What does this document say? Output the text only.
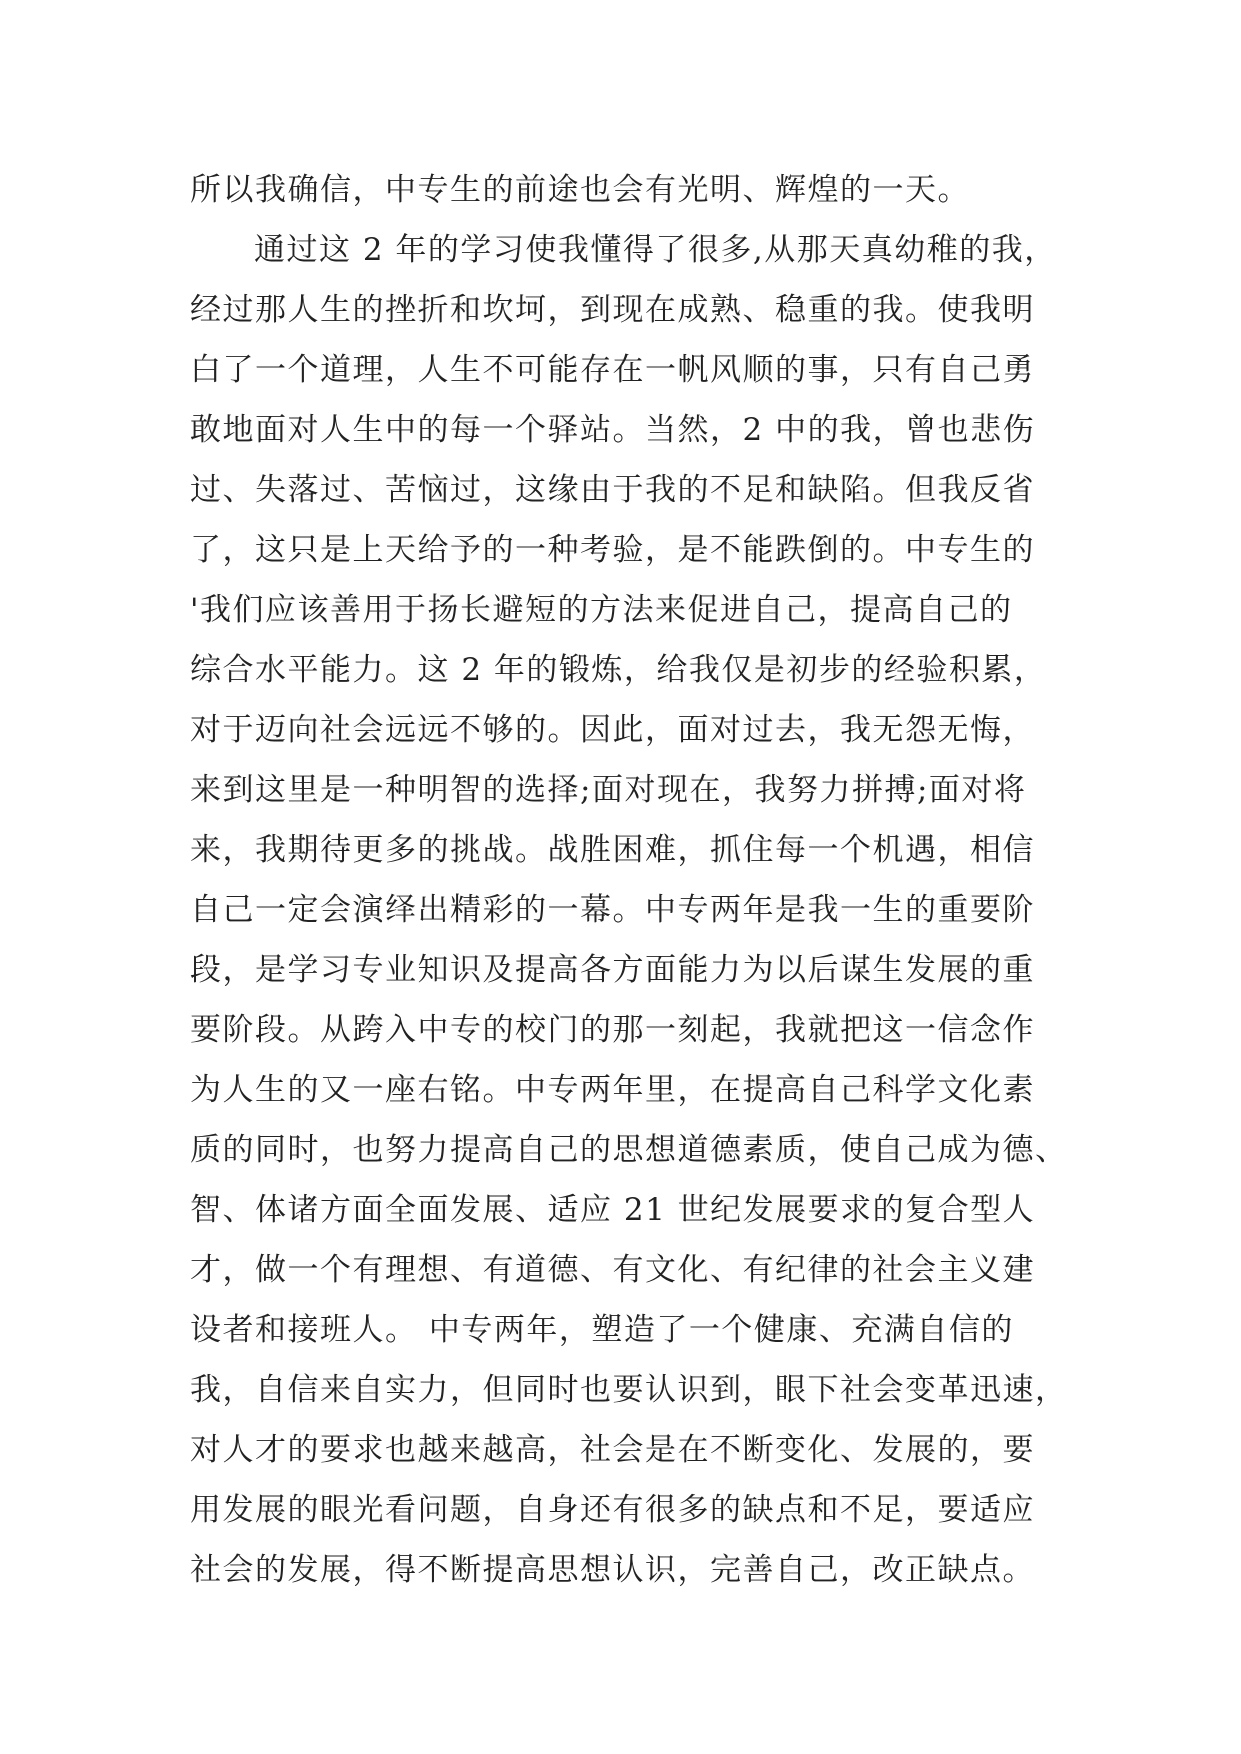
所以我确信，中专生的前途也会有光明、辉煌的一天。
通过这 2 年的学习使我懂得了很多,从那天真幼稚的我，
经过那人生的挫折和坎坷，到现在成熟、稳重的我。使我明
白了一个道理，人生不可能存在一帆风顺的事，只有自己勇
敢地面对人生中的每一个驿站。当然，2 中的我，曾也悲伤
过、失落过、苦恼过，这缘由于我的不足和缺陷。但我反省
了，这只是上天给予的一种考验，是不能跌倒的。中专生的
'我们应该善用于扬长避短的方法来促进自己，提高自己的
综合水平能力。这 2 年的锻炼，给我仅是初步的经验积累，
对于迈向社会远远不够的。因此，面对过去，我无怨无悔，
来到这里是一种明智的选择;面对现在，我努力拼搏;面对将
来，我期待更多的挑战。战胜困难，抓住每一个机遇，相信
自己一定会演绎出精彩的一幕。中专两年是我一生的重要阶
段，是学习专业知识及提高各方面能力为以后谋生发展的重
要阶段。从跨入中专的校门的那一刻起，我就把这一信念作
为人生的又一座右铭。中专两年里，在提高自己科学文化素
质的同时，也努力提高自己的思想道德素质，使自己成为德、
智、体诸方面全面发展、适应 21 世纪发展要求的复合型人
才，做一个有理想、有道德、有文化、有纪律的社会主义建
设者和接班人。 中专两年，塑造了一个健康、充满自信的
我，自信来自实力，但同时也要认识到，眼下社会变革迅速，
对人才的要求也越来越高，社会是在不断变化、发展的，要
用发展的眼光看问题，自身还有很多的缺点和不足，要适应
社会的发展，得不断提高思想认识，完善自己，改正缺点。
